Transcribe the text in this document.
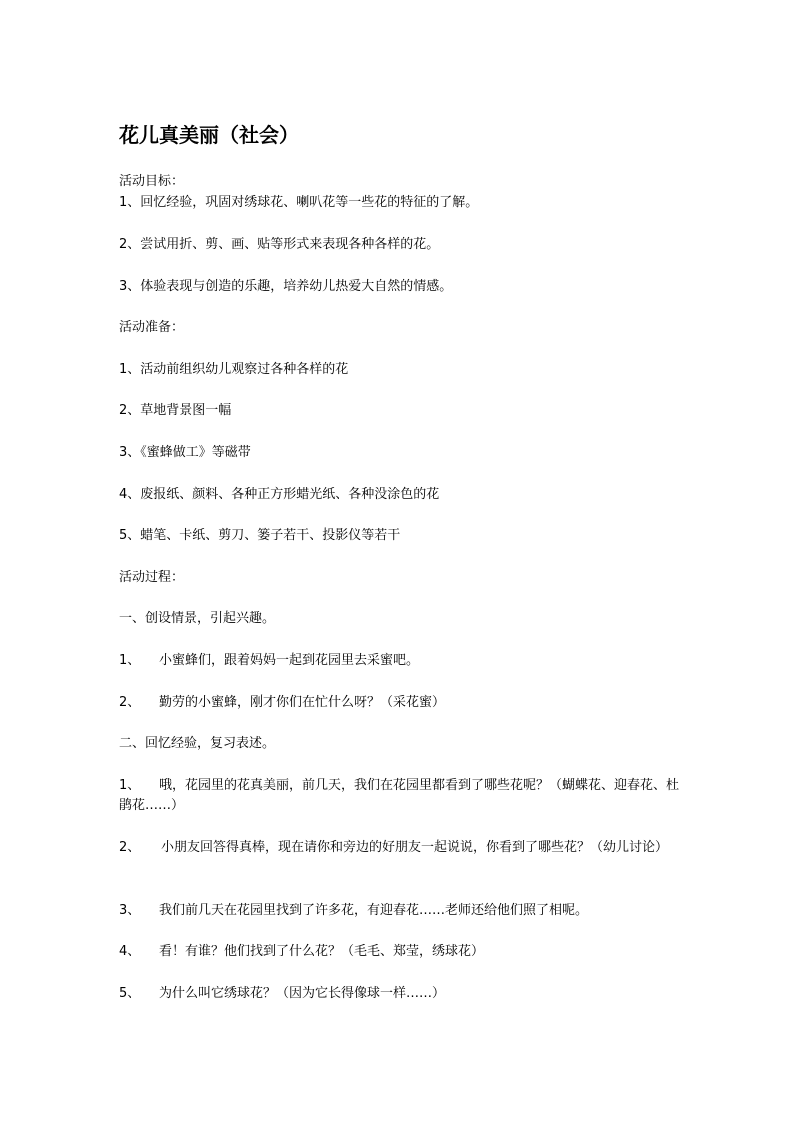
花儿真美丽（社会）
活动目标：
1、回忆经验，巩固对绣球花、喇叭花等一些花的特征的了解。
2、尝试用折、剪、画、贴等形式来表现各种各样的花。
3、体验表现与创造的乐趣，培养幼儿热爱大自然的情感。
活动准备：
1、活动前组织幼儿观察过各种各样的花
2、草地背景图一幅
3、《蜜蜂做工》等磁带
4、废报纸、颜料、各种正方形蜡光纸、各种没涂色的花
5、蜡笔、卡纸、剪刀、篓子若干、投影仪等若干
活动过程：
一、创设情景，引起兴趣。
1、 小蜜蜂们，跟着妈妈一起到花园里去采蜜吧。
2、 勤劳的小蜜蜂，刚才你们在忙什么呀？（采花蜜）
二、回忆经验，复习表述。
1、 哦，花园里的花真美丽，前几天，我们在花园里都看到了哪些花呢？（蝴蝶花、迎春花、杜鹃花……）
2、 小朋友回答得真棒，现在请你和旁边的好朋友一起说说，你看到了哪些花？（幼儿讨论）
3、 我们前几天在花园里找到了许多花，有迎春花……老师还给他们照了相呢。
4、 看！有谁？他们找到了什么花？（毛毛、郑莹，绣球花）
5、 为什么叫它绣球花？（因为它长得像球一样……）
